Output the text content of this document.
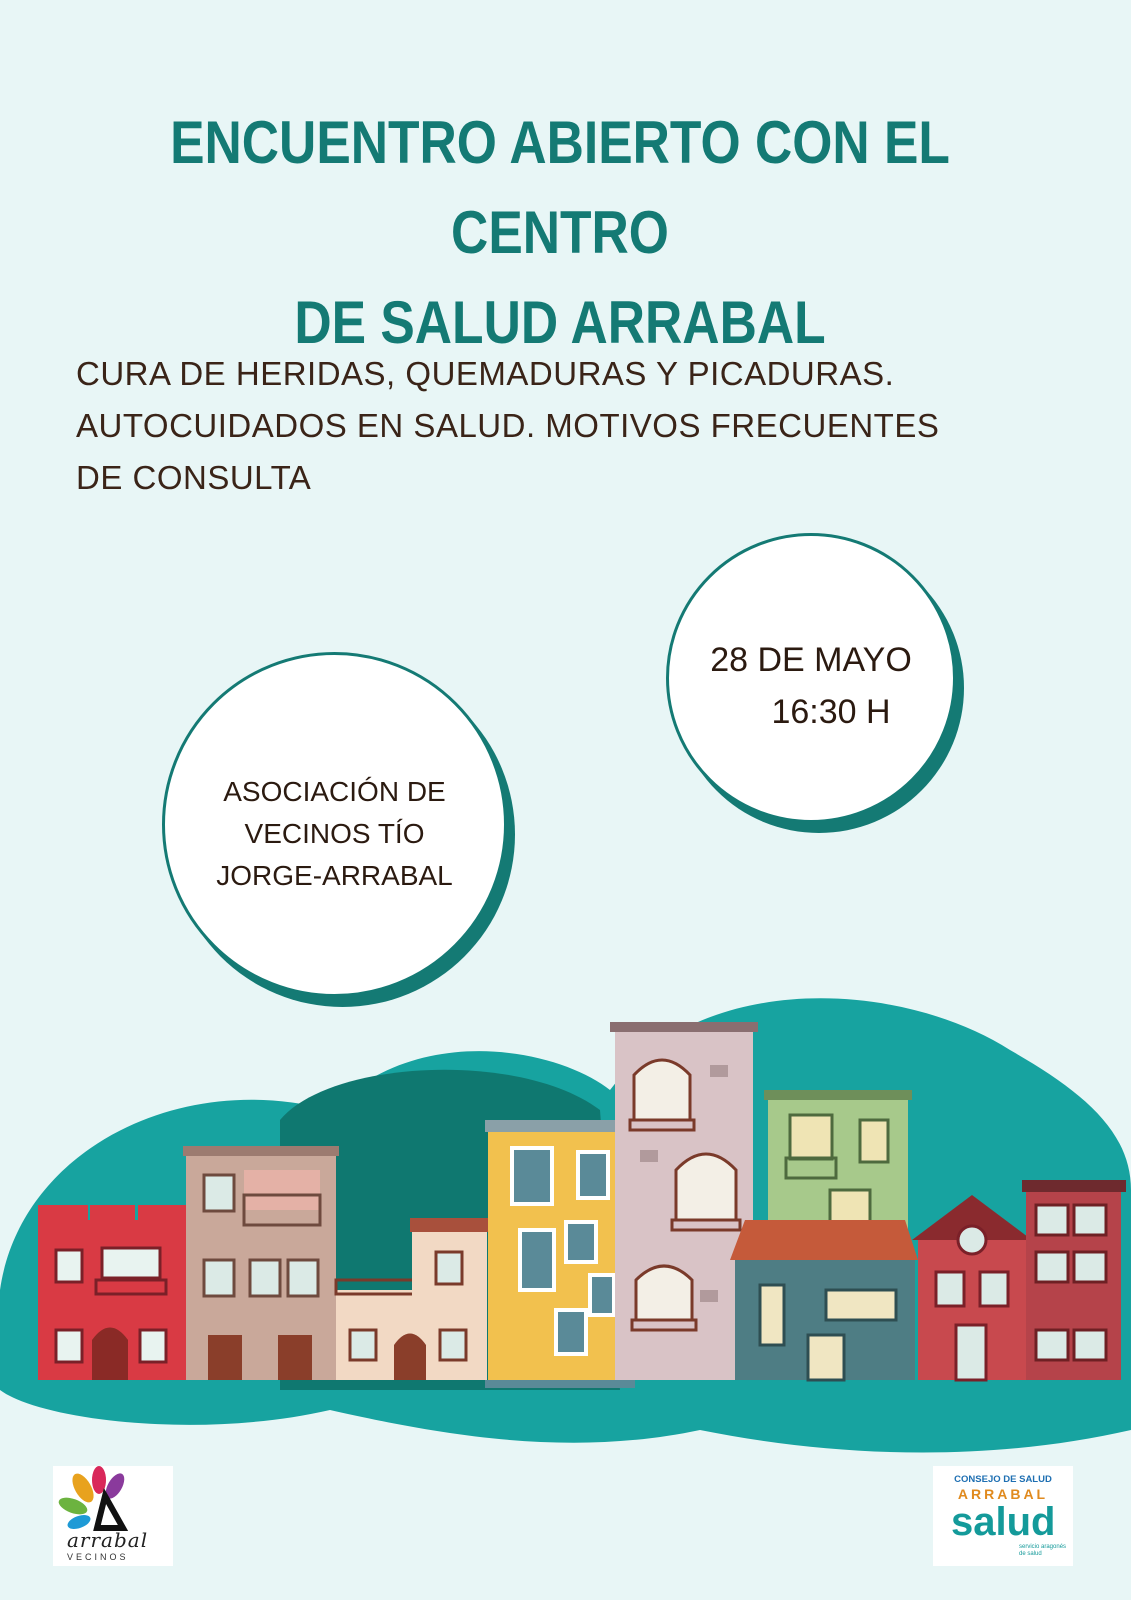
ENCUENTRO ABIERTO CON EL CENTRO
DE SALUD ARRABAL
CURA DE HERIDAS, QUEMADURAS Y PICADURAS.
AUTOCUIDADOS EN SALUD. MOTIVOS FRECUENTES
DE CONSULTA
28 DE MAYO
16:30 H
ASOCIACIÓN DE
VECINOS TÍO
JORGE-ARRABAL
arrabal
VECINOS
CONSEJO DE SALUD
ARRABAL
salud
servicio aragonés de salud
